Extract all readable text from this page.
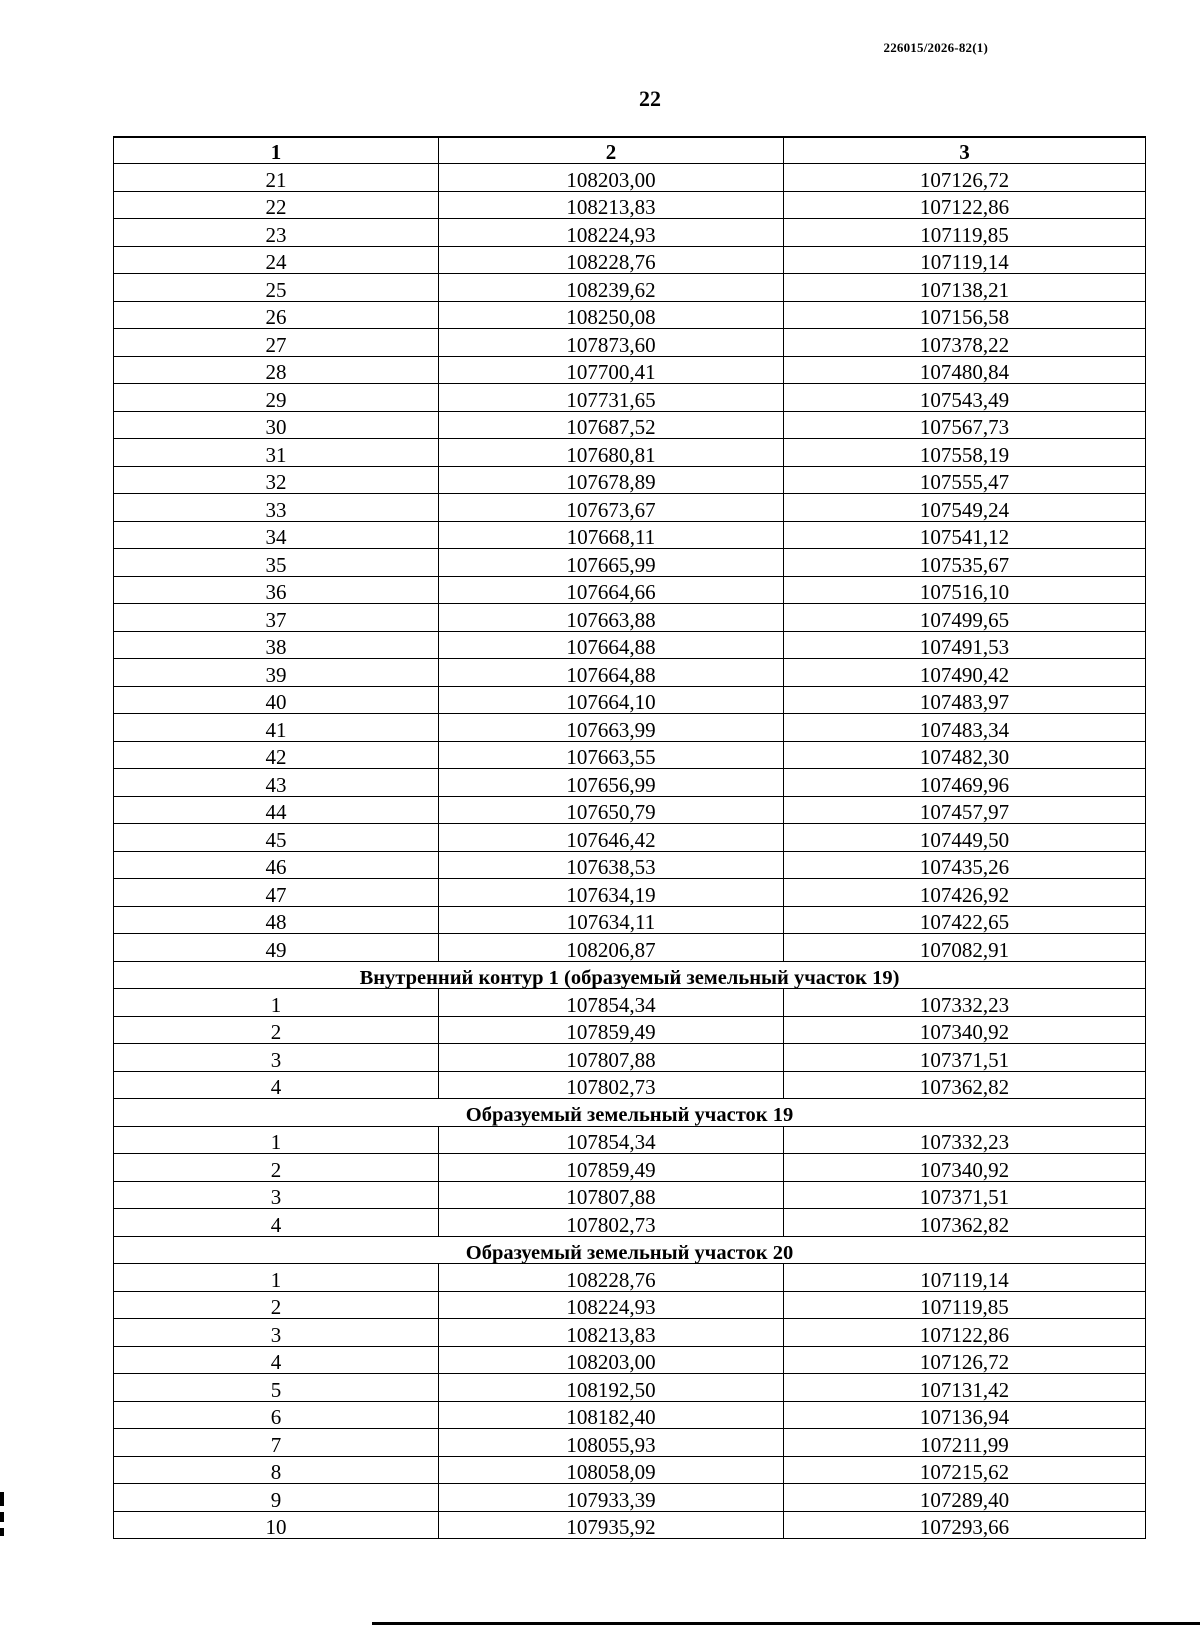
226015/2026-82(1)
22
1	2	3
21	108203,00	107126,72
22	108213,83	107122,86
23	108224,93	107119,85
24	108228,76	107119,14
25	108239,62	107138,21
26	108250,08	107156,58
27	107873,60	107378,22
28	107700,41	107480,84
29	107731,65	107543,49
30	107687,52	107567,73
31	107680,81	107558,19
32	107678,89	107555,47
33	107673,67	107549,24
34	107668,11	107541,12
35	107665,99	107535,67
36	107664,66	107516,10
37	107663,88	107499,65
38	107664,88	107491,53
39	107664,88	107490,42
40	107664,10	107483,97
41	107663,99	107483,34
42	107663,55	107482,30
43	107656,99	107469,96
44	107650,79	107457,97
45	107646,42	107449,50
46	107638,53	107435,26
47	107634,19	107426,92
48	107634,11	107422,65
49	108206,87	107082,91
Внутренний контур 1 (образуемый земельный участок 19)		
1	107854,34	107332,23
2	107859,49	107340,92
3	107807,88	107371,51
4	107802,73	107362,82
Образуемый земельный участок 19		
1	107854,34	107332,23
2	107859,49	107340,92
3	107807,88	107371,51
4	107802,73	107362,82
Образуемый земельный участок 20		
1	108228,76	107119,14
2	108224,93	107119,85
3	108213,83	107122,86
4	108203,00	107126,72
5	108192,50	107131,42
6	108182,40	107136,94
7	108055,93	107211,99
8	108058,09	107215,62
9	107933,39	107289,40
10	107935,92	107293,66
